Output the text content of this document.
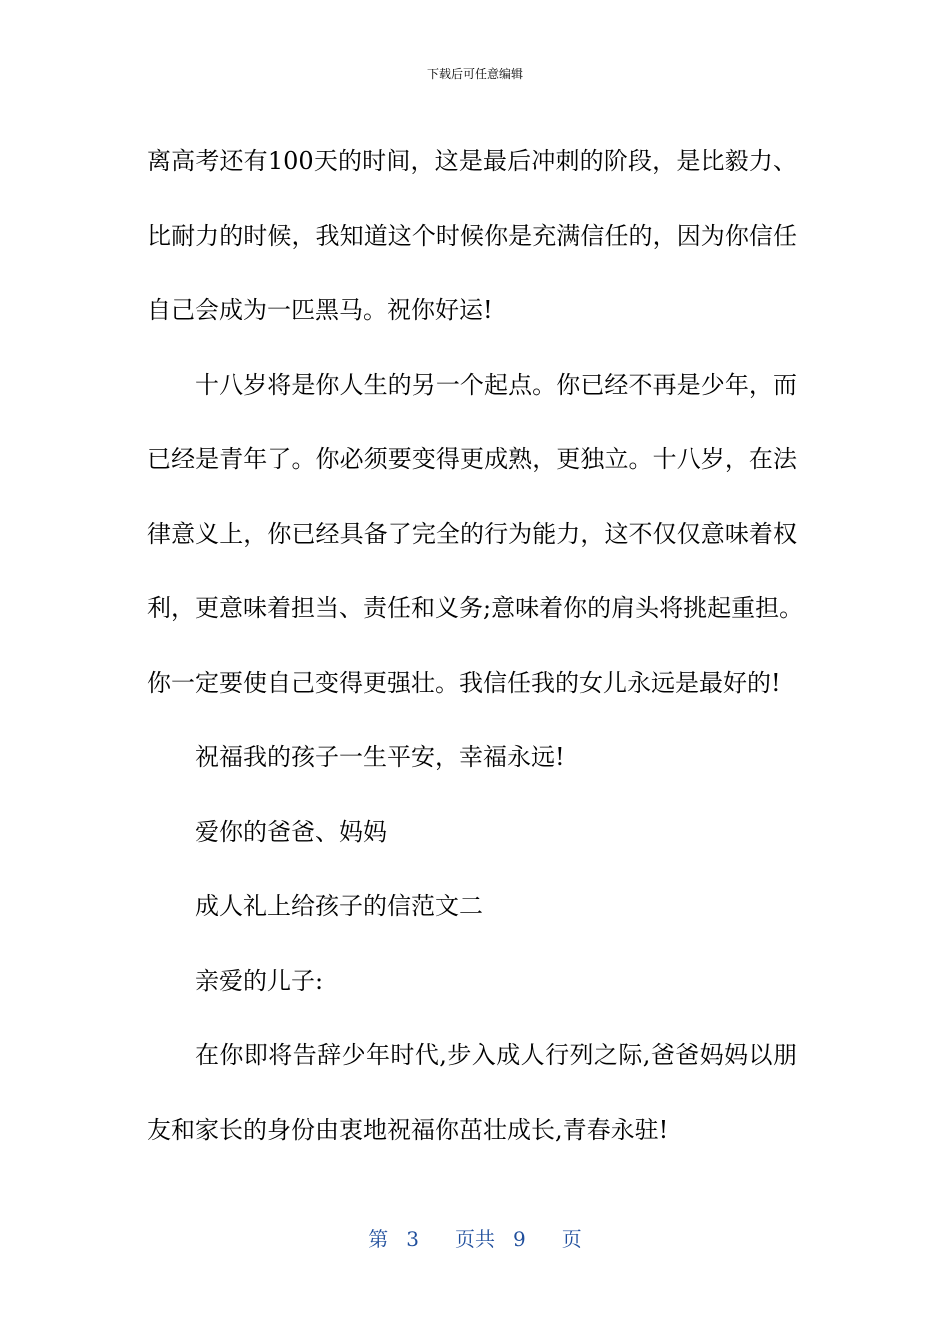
下载后可任意编辑
离高考还有100天的时间，这是最后冲刺的阶段，是比毅力、
比耐力的时候，我知道这个时候你是充满信任的，因为你信任
自己会成为一匹黑马。祝你好运!
十八岁将是你人生的另一个起点。你已经不再是少年，而
已经是青年了。你必须要变得更成熟，更独立。十八岁，在法
律意义上，你已经具备了完全的行为能力，这不仅仅意味着权
利，更意味着担当、责任和义务;意味着你的肩头将挑起重担。
你一定要使自己变得更强壮。我信任我的女儿永远是最好的!
祝福我的孩子一生平安，幸福永远!
爱你的爸爸、妈妈
成人礼上给孩子的信范文二
亲爱的儿子:
在你即将告辞少年时代,步入成人行列之际,爸爸妈妈以朋
友和家长的身份由衷地祝福你茁壮成长,青春永驻!
第 3 页共 9 页
